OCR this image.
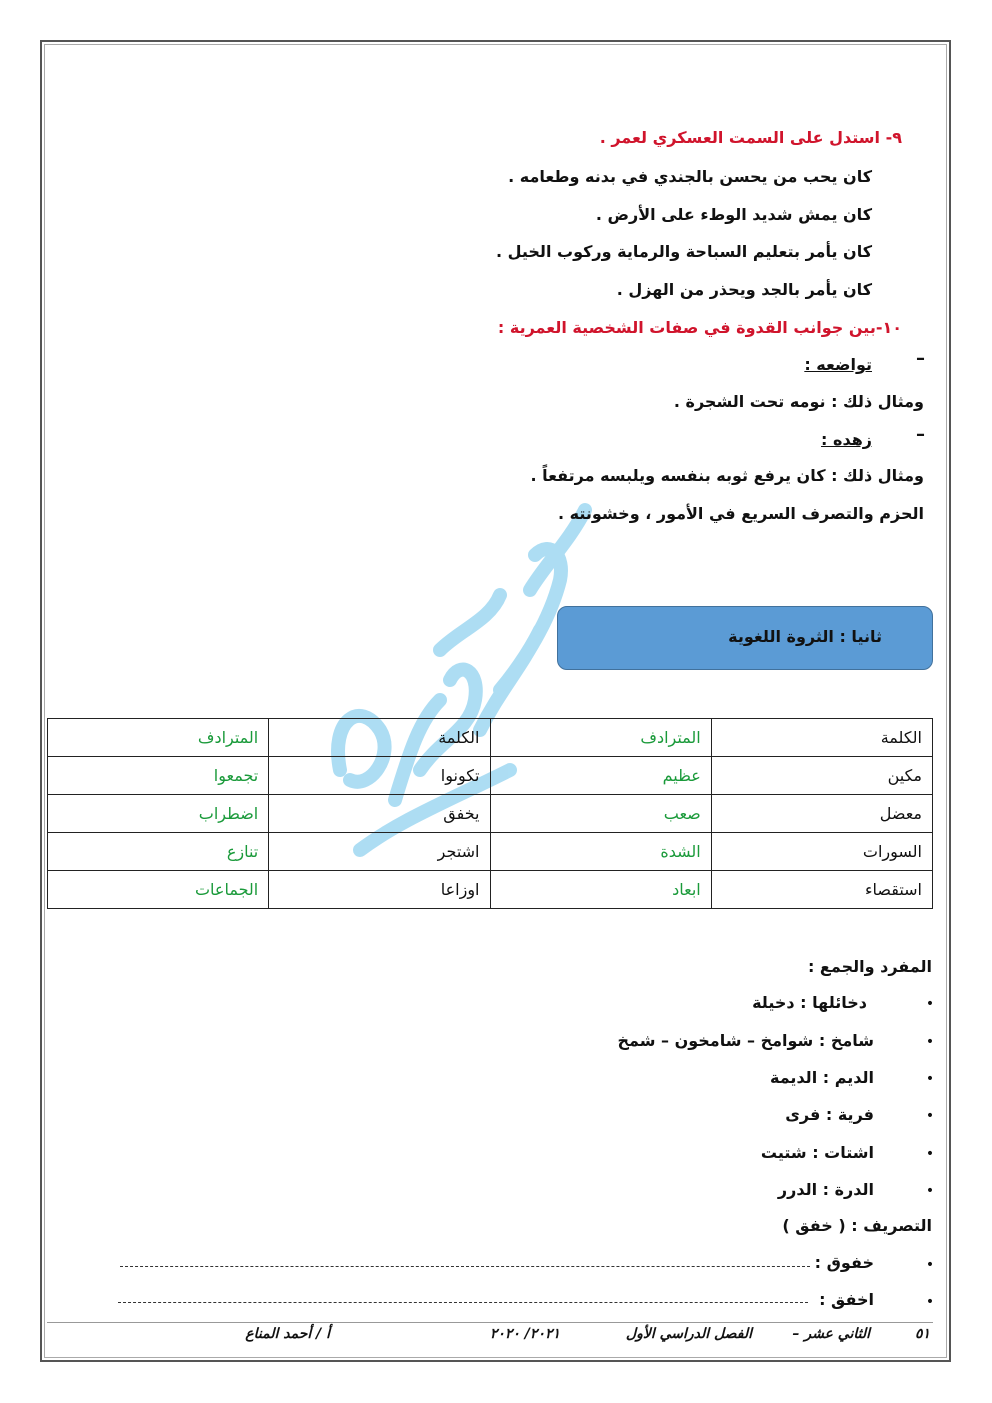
٩- استدل على السمت العسكري لعمر .
كان يحب من يحسن بالجندي في بدنه وطعامه .
كان يمش شديد الوطء على الأرض .
كان يأمر بتعليم السباحة والرماية وركوب الخيل .
كان يأمر بالجد ويحذر من الهزل .
١٠-بين جوانب القدوة في صفات الشخصية العمرية :
–
تواضعه :
ومثال ذلك : نومه تحت الشجرة .
–
زهده :
ومثال ذلك : كان يرفع ثوبه بنفسه ويلبسه مرتفعاً .
الحزم والتصرف السريع في الأمور ، وخشونته .
ثانيا : الثروة اللغوية
الكلمة	المترادف	الكلمة	المترادف
مكين	عظيم	تكونوا	تجمعوا
معضل	صعب	يخفق	اضطراب
السورات	الشدة	اشتجر	تنازع
استقصاء	ابعاد	اوزاعا	الجماعات
المفرد والجمع :
•
دخائلها : دخيلة
•
شامخ : شوامخ – شامخون – شمخ
•
الديم : الديمة
•
فرية : فرى
•
اشتات : شتيت
•
الدرة : الدرر
التصريف : ( خفق )
•
خفوق :
•
اخفق :
٥١
الثاني عشر –
الفصل الدراسي الأول
٢٠٢١/ ٢٠٢٠
أ / أحمد المناع
